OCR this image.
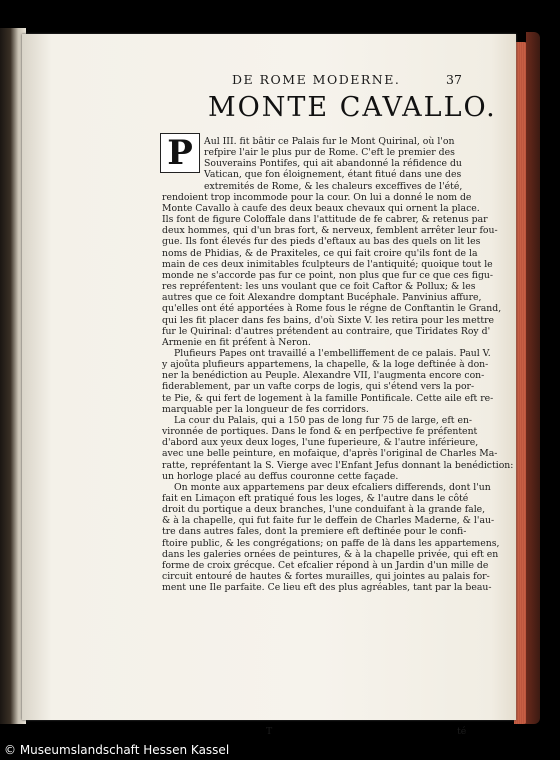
DE ROME MODERNE.	37
MONTE CAVALLO.
P	Aul III. fit bâtir ce Palais fur le Mont Quirinal, où l'on
refpire l'air le plus pur de Rome. C'eft le premier des
Souverains Pontifes, qui ait abandonné la réfidence du
Vatican, que fon éloignement, étant fitué dans une des
extremités de Rome, & les chaleurs exceffives de l'été,
rendoient trop incommode pour la cour. On lui a donné le nom de
Monte Cavallo à caufe des deux beaux chevaux qui ornent la place.
Ils font de figure Coloffale dans l'attitude de fe cabrer, & retenus par
deux hommes, qui d'un bras fort, & nerveux, femblent arrêter leur fou-
gue. Ils font élevés fur des pieds d'eftaux au bas des quels on lit les
noms de Phidias, & de Praxiteles, ce qui fait croire qu'ils font de la
main de ces deux inimitables fculpteurs de l'antiquité; quoique tout le
monde ne s'accorde pas fur ce point, non plus que fur ce que ces figu-
res repréfentent: les uns voulant que ce foit Caftor & Pollux; & les
autres que ce foit Alexandre domptant Bucéphale. Panvinius affure,
qu'elles ont été apportées à Rome fous le régne de Conftantin le Grand,
qui les fit placer dans fes bains, d'où Sixte V. les retira pour les mettre
fur le Quirinal: d'autres prétendent au contraire, que Tiridates Roy d'
Armenie en fit préfent à Neron.
Plufieurs Papes ont travaillé a l'embelliffement de ce palais. Paul V.
y ajoûta plufieurs appartemens, la chapelle, & la loge deftinée à don-
ner la benédiction au Peuple. Alexandre VII, l'augmenta encore con-
fiderablement, par un vafte corps de logis, qui s'étend vers la por-
te Pie, & qui fert de logement à la famille Pontificale. Cette aile eft re-
marquable per la longueur de fes corridors.
La cour du Palais, qui a 150 pas de long fur 75 de large, eft en-
vironnée de portiques. Dans le fond & en perfpective fe préfentent
d'abord aux yeux deux loges, l'une fuperieure, & l'autre inférieure,
avec une belle peinture, en mofaique, d'après l'original de Charles Ma-
ratte, repréfentant la S. Vierge avec l'Enfant Jefus donnant la benédiction:
un horloge placé au deffus couronne cette façade.
On monte aux appartemens par deux efcaliers differends, dont l'un
fait en Limaçon eft pratiqué fous les loges, & l'autre dans le côté
droit du portique a deux branches, l'une conduifant à la grande fale,
& à la chapelle, qui fut faite fur le deffein de Charles Maderne, & l'au-
tre dans autres fales, dont la premiere eft deftinée pour le confi-
ftoire public, & les congrégations; on paffe de là dans les appartemens,
dans les galeries ornées de peintures, & à la chapelle privée, qui eft en
forme de croix grécque. Cet efcalier répond à un Jardin d'un mille de
circuit entouré de hautes & fortes murailles, qui jointes au palais for-
ment une Ile parfaite. Ce lieu eft des plus agréables, tant par la beau-
T	té
© Museumslandschaft Hessen Kassel
